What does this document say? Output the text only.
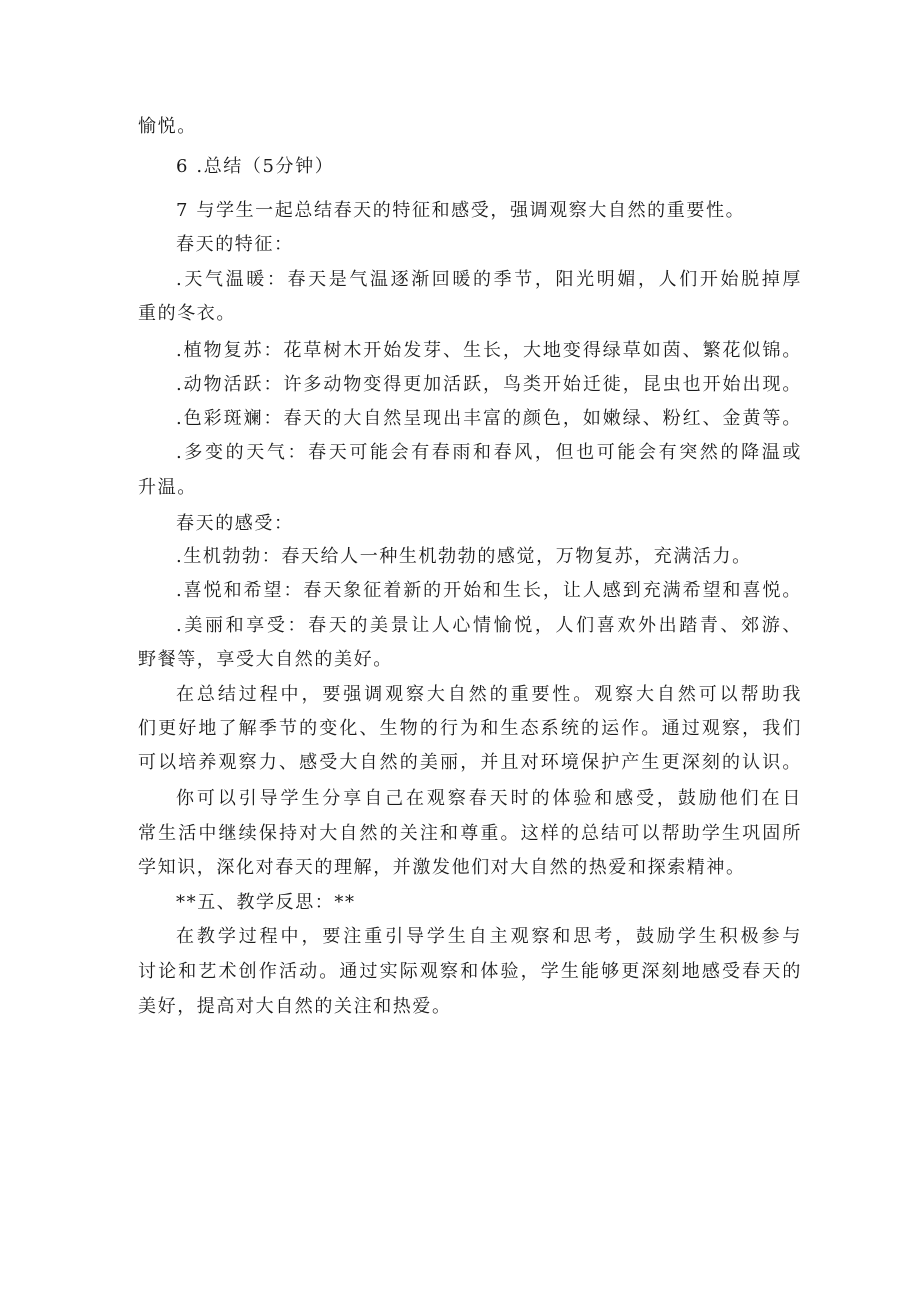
愉悦。
6 .总结（5分钟）
7 与学生一起总结春天的特征和感受，强调观察大自然的重要性。
春天的特征：
.天气温暖：春天是气温逐渐回暖的季节，阳光明媚，人们开始脱掉厚
重的冬衣。
.植物复苏：花草树木开始发芽、生长，大地变得绿草如茵、繁花似锦。
.动物活跃：许多动物变得更加活跃，鸟类开始迁徙，昆虫也开始出现。
.色彩斑斓：春天的大自然呈现出丰富的颜色，如嫩绿、粉红、金黄等。
.多变的天气：春天可能会有春雨和春风，但也可能会有突然的降温或
升温。
春天的感受：
.生机勃勃：春天给人一种生机勃勃的感觉，万物复苏，充满活力。
.喜悦和希望：春天象征着新的开始和生长，让人感到充满希望和喜悦。
.美丽和享受：春天的美景让人心情愉悦，人们喜欢外出踏青、郊游、
野餐等，享受大自然的美好。
在总结过程中，要强调观察大自然的重要性。观察大自然可以帮助我
们更好地了解季节的变化、生物的行为和生态系统的运作。通过观察，我们
可以培养观察力、感受大自然的美丽，并且对环境保护产生更深刻的认识。
你可以引导学生分享自己在观察春天时的体验和感受，鼓励他们在日
常生活中继续保持对大自然的关注和尊重。这样的总结可以帮助学生巩固所
学知识，深化对春天的理解，并激发他们对大自然的热爱和探索精神。
**五、教学反思：**
在教学过程中，要注重引导学生自主观察和思考，鼓励学生积极参与
讨论和艺术创作活动。通过实际观察和体验，学生能够更深刻地感受春天的
美好，提高对大自然的关注和热爱。
